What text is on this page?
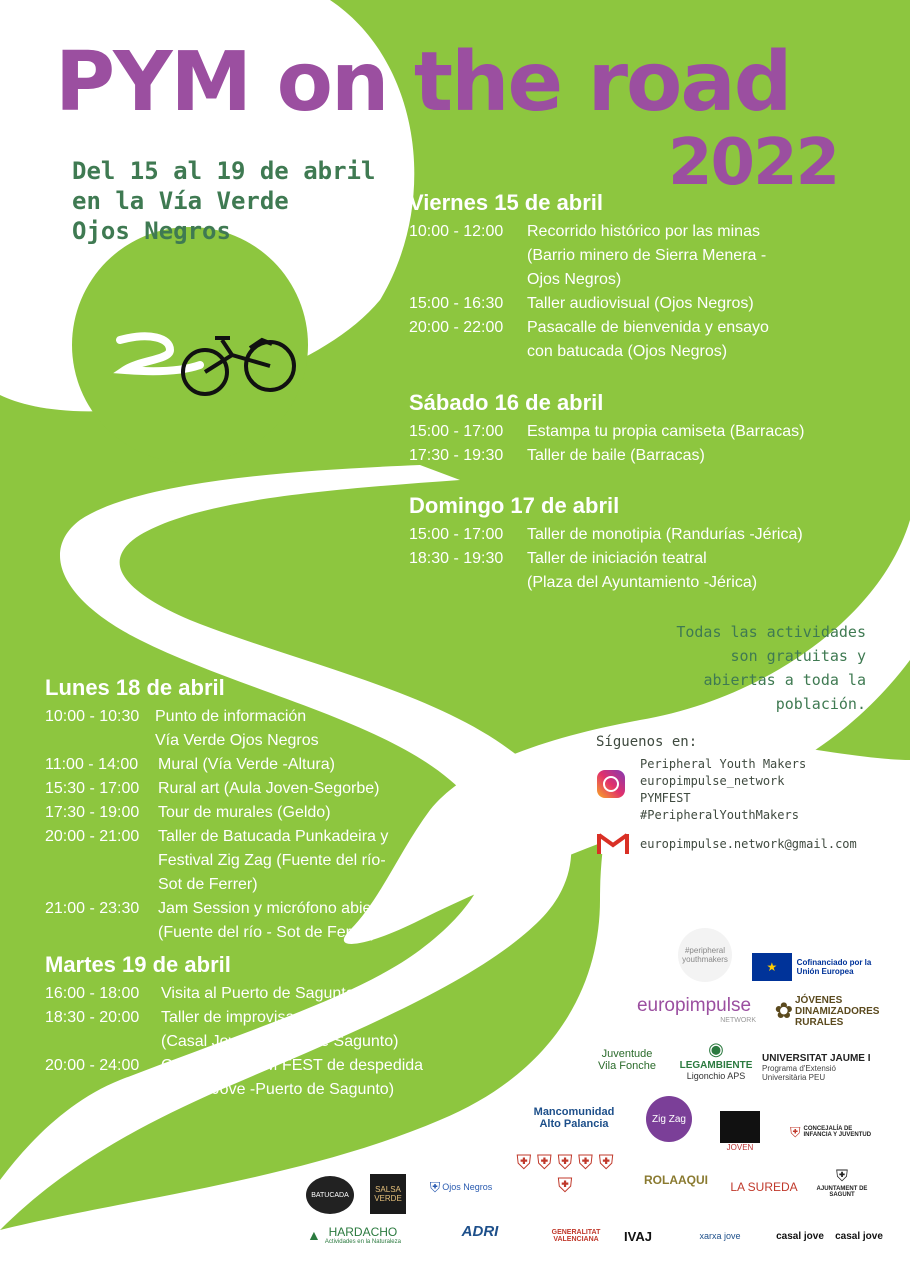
PYM on the road
2022
Del 15 al 19 de abril
en la Vía Verde
Ojos Negros
Viernes 15 de abril
10:00 - 12:00	Recorrido histórico por las minas
(Barrio minero de Sierra Menera -
Ojos Negros)
15:00 - 16:30	Taller audiovisual (Ojos Negros)
20:00 - 22:00	Pasacalle de bienvenida y ensayo
con batucada (Ojos Negros)
Sábado 16 de abril
15:00 - 17:00	Estampa tu propia camiseta (Barracas)
17:30 - 19:30	Taller de baile (Barracas)
Domingo 17 de abril
15:00 - 17:00	Taller de monotipia (Randurías -Jérica)
18:30 - 19:30	Taller de iniciación teatral
(Plaza del Ayuntamiento -Jérica)
Todas las actividades
son gratuitas y
abiertas a toda la
población.
Lunes 18 de abril
10:00 - 10:30 Punto de información
Vía Verde Ojos Negros
11:00 - 14:00	Mural (Vía Verde -Altura)
15:30 - 17:00	Rural art (Aula Joven-Segorbe)
17:30 - 19:00	Tour de murales (Geldo)
20:00 - 21:00	Taller de Batucada Punkadeira y
Festival Zig Zag (Fuente del río-
Sot de Ferrer)
21:00 - 23:30	Jam Session y micrófono abierto
(Fuente del río - Sot de Ferrer)
Martes 19 de abril
16:00 - 18:00	Visita al Puerto de Sagunto
18:30 - 20:00	Taller de improvisación teatral
(Casal Jove - Puerto de Sagunto)
20:00 - 24:00	Concierto #PYM FEST de despedida
(Casal Jove -Puerto de Sagunto)
Síguenos en:
Peripheral Youth Makers
europimpulse_network
PYMFEST
#PeripheralYouthMakers
europimpulse.network@gmail.com
#peripheral youthmakers
★	Cofinanciado por la Unión Europea
europimpulse
NETWORK ✿ JÓVENES DINAMIZADORES RURALES
Juventude Vila Fonche
◉
LEGAMBIENTE
Ligonchio APS
UNIVERSITAT JAUME I
Programa d'Extensió Universitària PEU
Mancomunidad Alto Palancia	Zig Zag
JOVEN
⛨ CONCEJALÍA DE INFANCIA Y JUVENTUD
BATUCADA
SALSA VERDE
⛨ Ojos Negros
⛨ ⛨ ⛨ ⛨ ⛨ ⛨	ROLAAQUI LA SUREDA
⛨
AJUNTAMENT DE SAGUNT
▲ HARDACHO
Actividades en la Naturaleza
ADRI	GENERALITAT VALENCIANA	IVAJ	xarxa jove	casal jove casal jove
